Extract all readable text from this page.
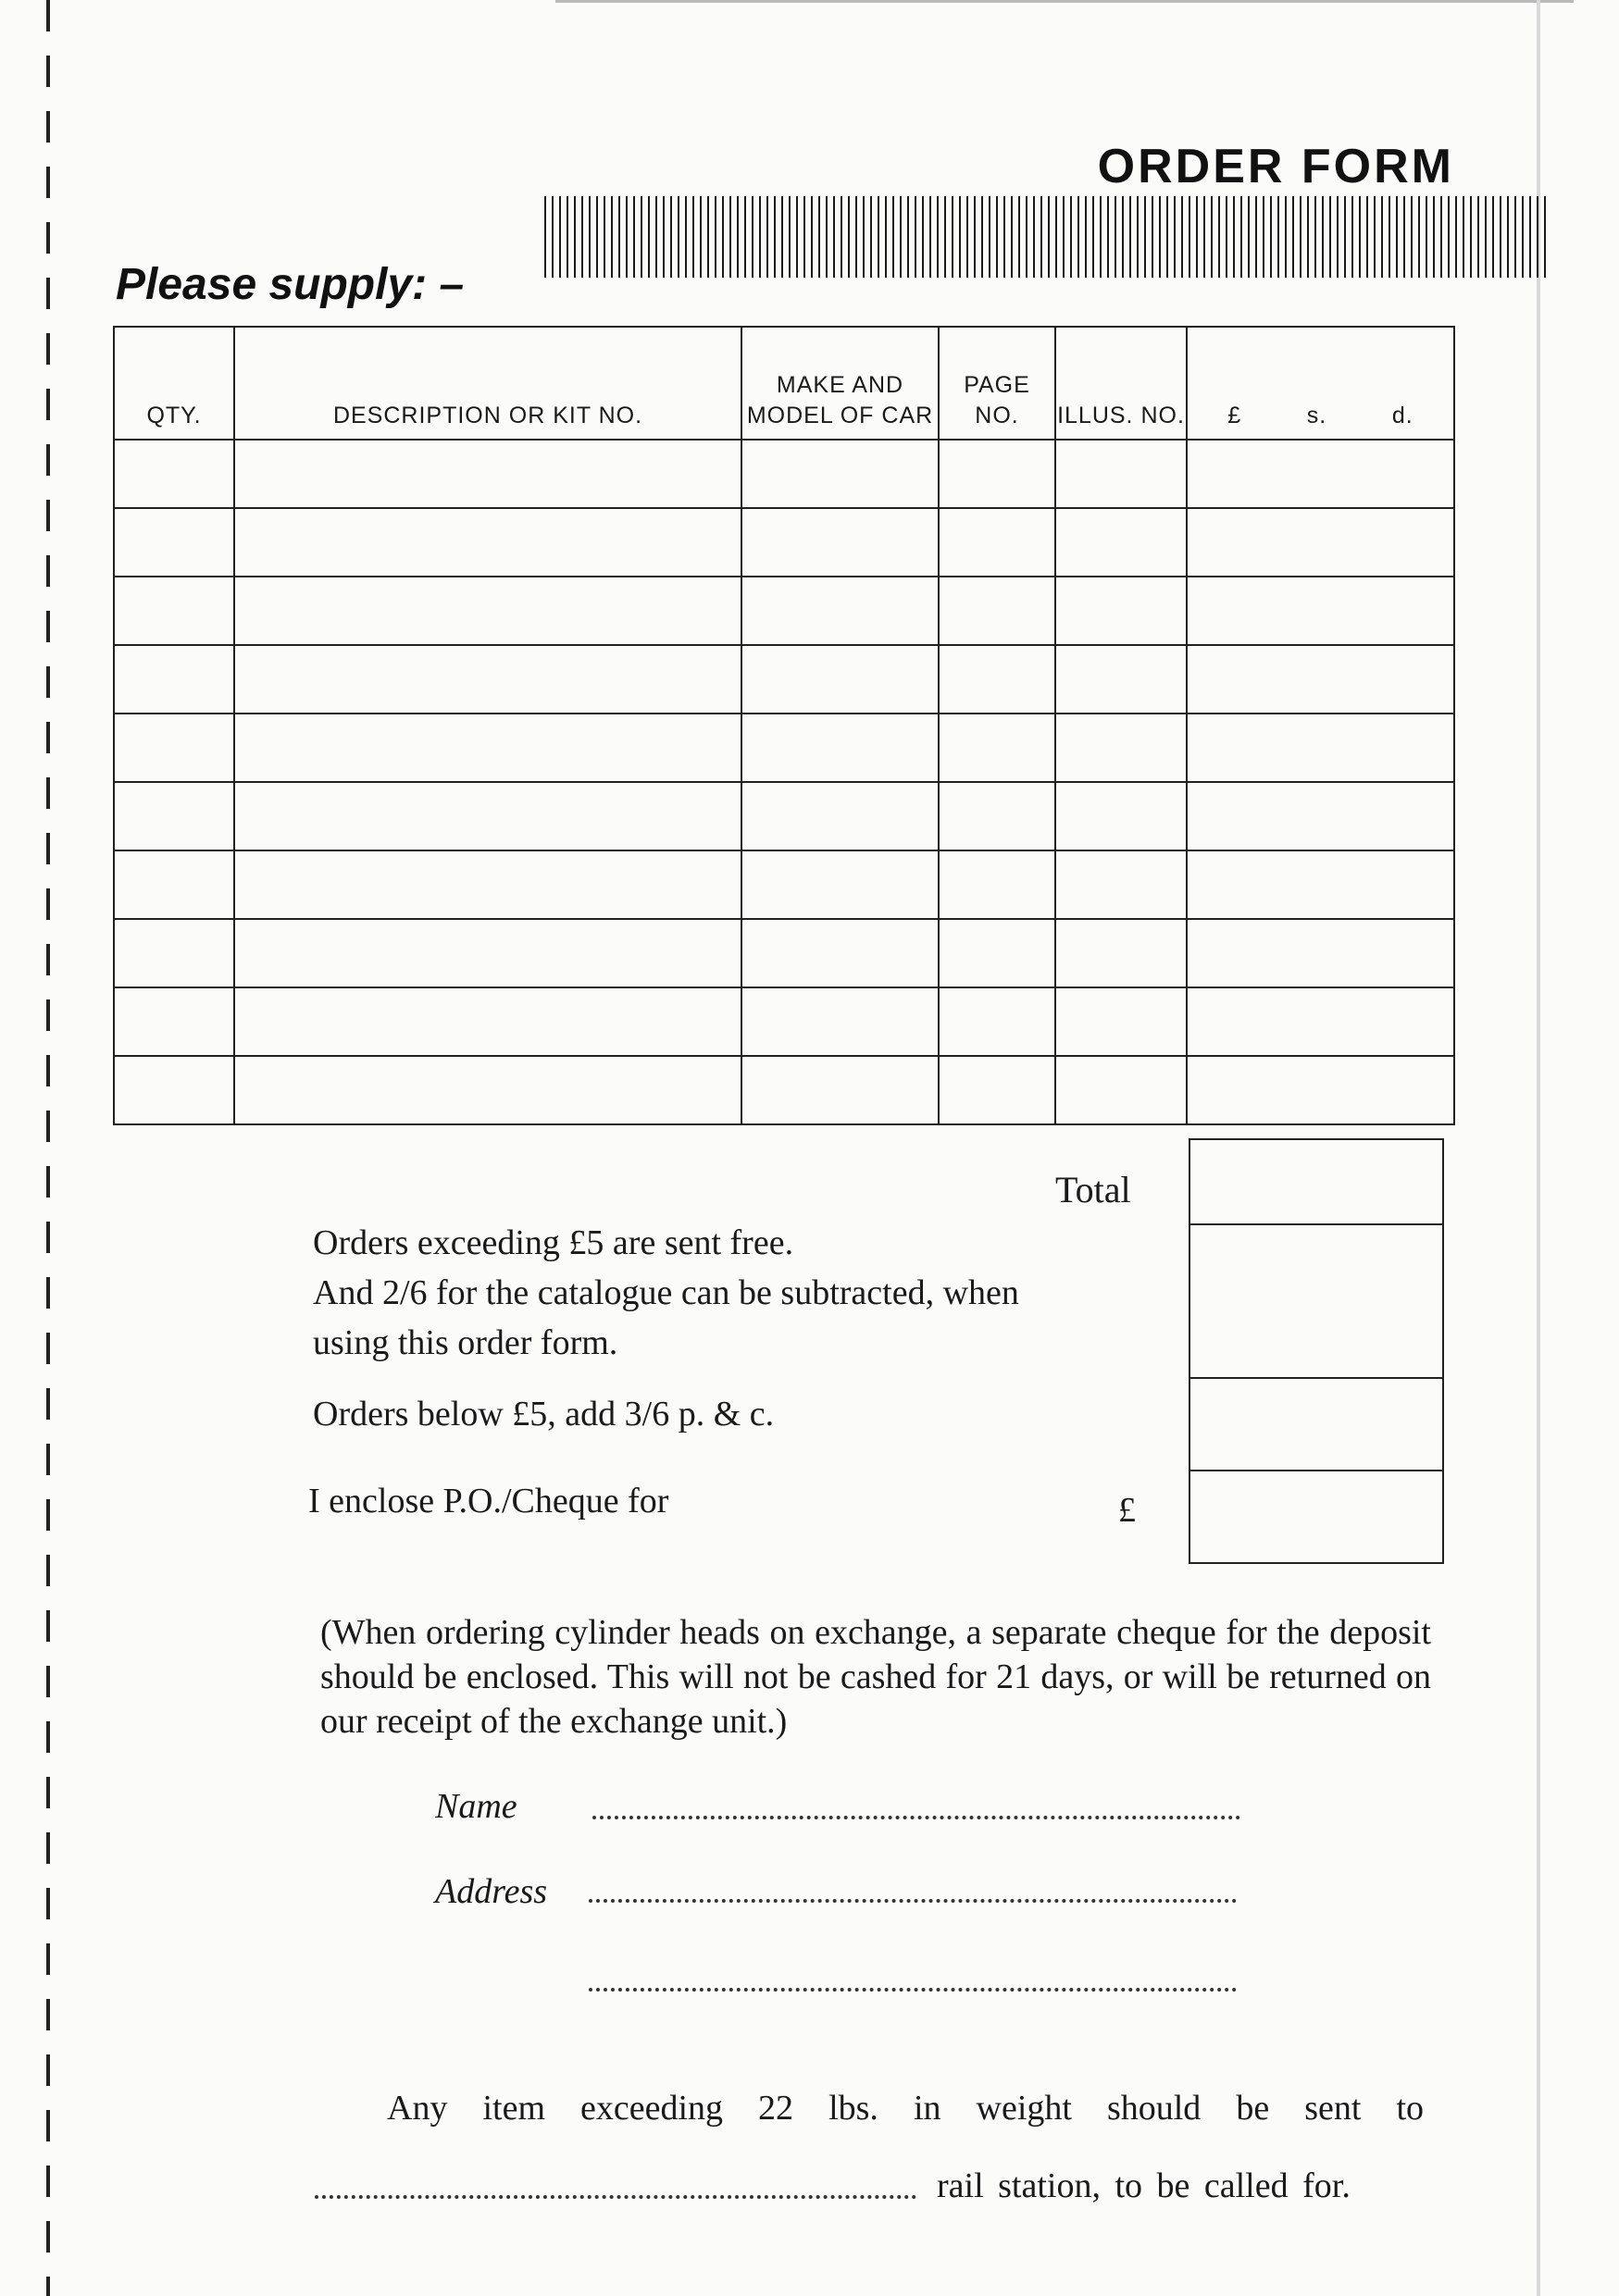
ORDER FORM
Please supply: –
QTY.	DESCRIPTION OR KIT NO.	MAKE AND MODEL OF CAR	PAGE NO.	ILLUS. NO.	£ s. d.

Total
Orders exceeding £5 are sent free.
And 2/6 for the catalogue can be subtracted, when
using this order form.
Orders below £5, add 3/6 p. & c.
I enclose P.O./Cheque for	£
(When ordering cylinder heads on exchange, a separate cheque for the deposit should be enclosed. This will not be cashed for 21 days, or will be returned on our receipt of the exchange unit.)
Name
Address
Any item exceeding 22 lbs. in weight should be sent to
rail station, to be called for.
